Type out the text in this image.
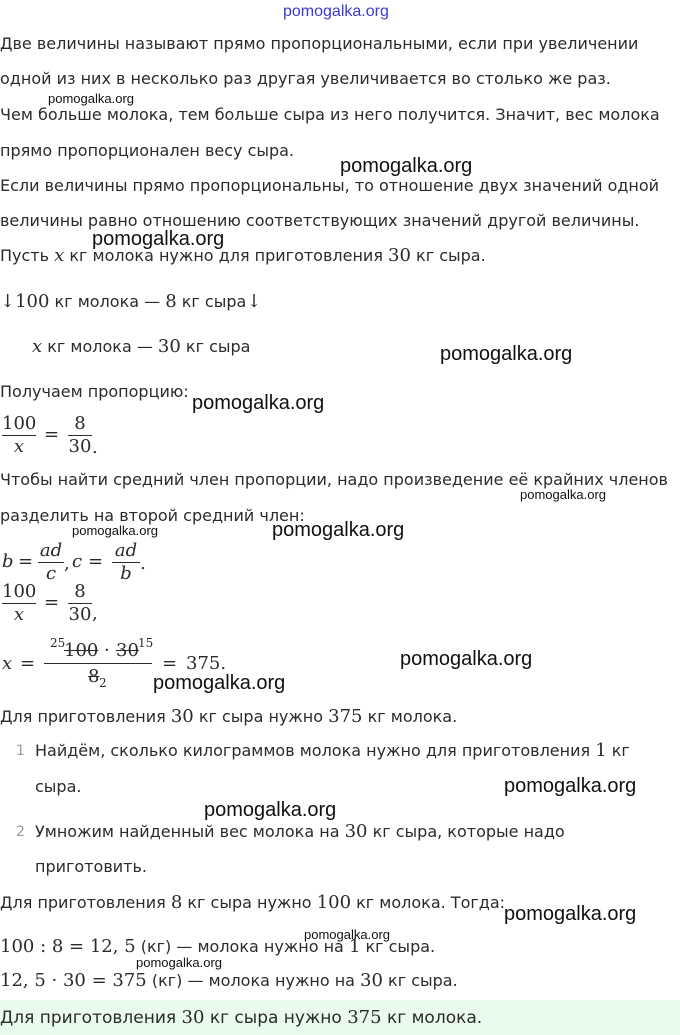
pomogalka.org
Две величины называют прямо пропорциональными, если при увеличении
одной из них в несколько раз другая увеличивается во столько же раз.
Чем больше молока, тем больше сыра из него получится. Значит, вес молока
прямо пропорционален весу сыра.
Если величины прямо пропорциональны, то отношение двух значений одной
величины равно отношению соответствующих значений другой величины.
Пусть x кг молока нужно для приготовления 30 кг сыра.
↓100 кг молока — 8 кг сыра↓
x кг молока — 30 кг сыра
Получаем пропорцию:
100
x
=
8
30 .
Чтобы найти средний член пропорции, надо произведение её крайних членов
разделить на второй средний член:
b =
ad
c , c =
ad
b .
100
x
=
8
30 ,
x =
25
100 · 30 15
8 2
= 375.
Для приготовления 30 кг сыра нужно 375 кг молока.
1 Найдём, сколько килограммов молока нужно для приготовления 1 кг
сыра.
2 Умножим найденный вес молока на 30 кг сыра, которые надо
приготовить.
Для приготовления 8 кг сыра нужно 100 кг молока. Тогда:
100 : 8 = 12, 5 (кг) — молока нужно на 1 кг сыра.
12, 5 · 30 = 375 (кг) — молока нужно на 30 кг сыра.
Для приготовления 30 кг сыра нужно 375 кг молока.
pomogalka.org
pomogalka.org
pomogalka.org
pomogalka.org
pomogalka.org
pomogalka.org
pomogalka.org	pomogalka.org
pomogalka.org
pomogalka.org
pomogalka.org
pomogalka.org
pomogalka.org
pomogalka.org
pomogalka.org
